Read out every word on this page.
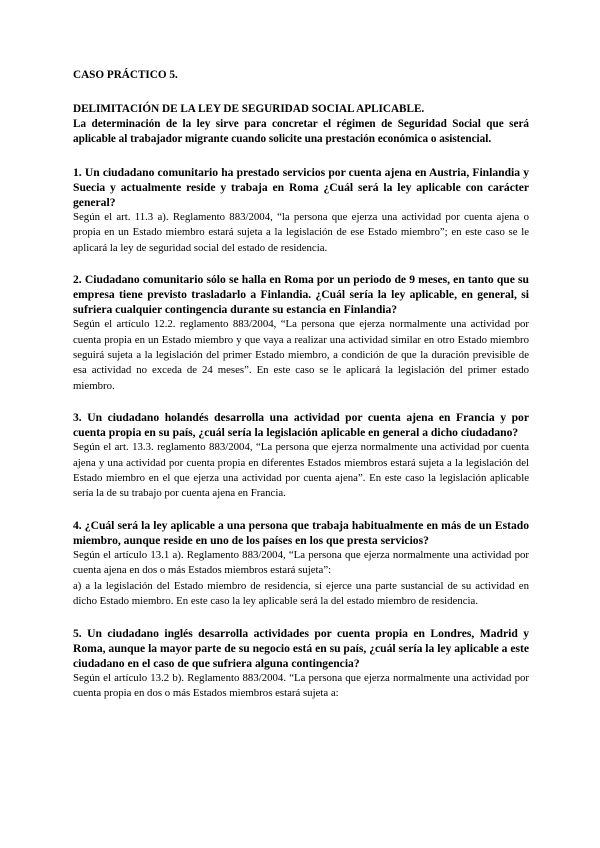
CASO PRÁCTICO 5.

DELIMITACIÓN DE LA LEY DE SEGURIDAD SOCIAL APLICABLE.

La determinación de la ley sirve para concretar el régimen de Seguridad Social que será aplicable al trabajador migrante cuando solicite una prestación económica o asistencial.

1. Un ciudadano comunitario ha prestado servicios por cuenta ajena en Austria, Finlandia y Suecia y actualmente reside y trabaja en Roma ¿Cuál será la ley aplicable con carácter general?

Según el art. 11.3 a). Reglamento 883/2004, “la persona que ejerza una actividad por cuenta ajena o propia en un Estado miembro estará sujeta a la legislación de ese Estado miembro”; en este caso se le aplicará la ley de seguridad social del estado de residencia.

2. Ciudadano comunitario sólo se halla en Roma por un periodo de 9 meses, en tanto que su empresa tiene previsto trasladarlo a Finlandia. ¿Cuál sería la ley aplicable, en general, si sufriera cualquier contingencia durante su estancia en Finlandia?

Según el artículo 12.2. reglamento 883/2004, “La persona que ejerza normalmente una actividad por cuenta propia en un Estado miembro y que vaya a realizar una actividad similar en otro Estado miembro seguirá sujeta a la legislación del primer Estado miembro, a condición de que la duración previsible de esa actividad no exceda de 24 meses”. En este caso se le aplicará la legislación del primer estado miembro.

3. Un ciudadano holandés desarrolla una actividad por cuenta ajena en Francia y por cuenta propia en su país, ¿cuál sería la legislación aplicable en general a dicho ciudadano?

Según el art. 13.3. reglamento 883/2004, “La persona que ejerza normalmente una actividad por cuenta ajena y una actividad por cuenta propia en diferentes Estados miembros estará sujeta a la legislación del Estado miembro en el que ejerza una actividad por cuenta ajena”. En este caso la legislación aplicable sería la de su trabajo por cuenta ajena en Francia.

4. ¿Cuál será la ley aplicable a una persona que trabaja habitualmente en más de un Estado miembro, aunque reside en uno de los países en los que presta servicios?

Según el artículo 13.1 a). Reglamento 883/2004, “La persona que ejerza normalmente una actividad por cuenta ajena en dos o más Estados miembros estará sujeta”:

a) a la legislación del Estado miembro de residencia, si ejerce una parte sustancial de su actividad en dicho Estado miembro. En este caso la ley aplicable será la del estado miembro de residencia.

5. Un ciudadano inglés desarrolla actividades por cuenta propia en Londres, Madrid y Roma, aunque la mayor parte de su negocio está en su país, ¿cuál sería la ley aplicable a este ciudadano en el caso de que sufriera alguna contingencia?

Según el artículo 13.2 b). Reglamento 883/2004. “La persona que ejerza normalmente una actividad por cuenta propia en dos o más Estados miembros estará sujeta a:
